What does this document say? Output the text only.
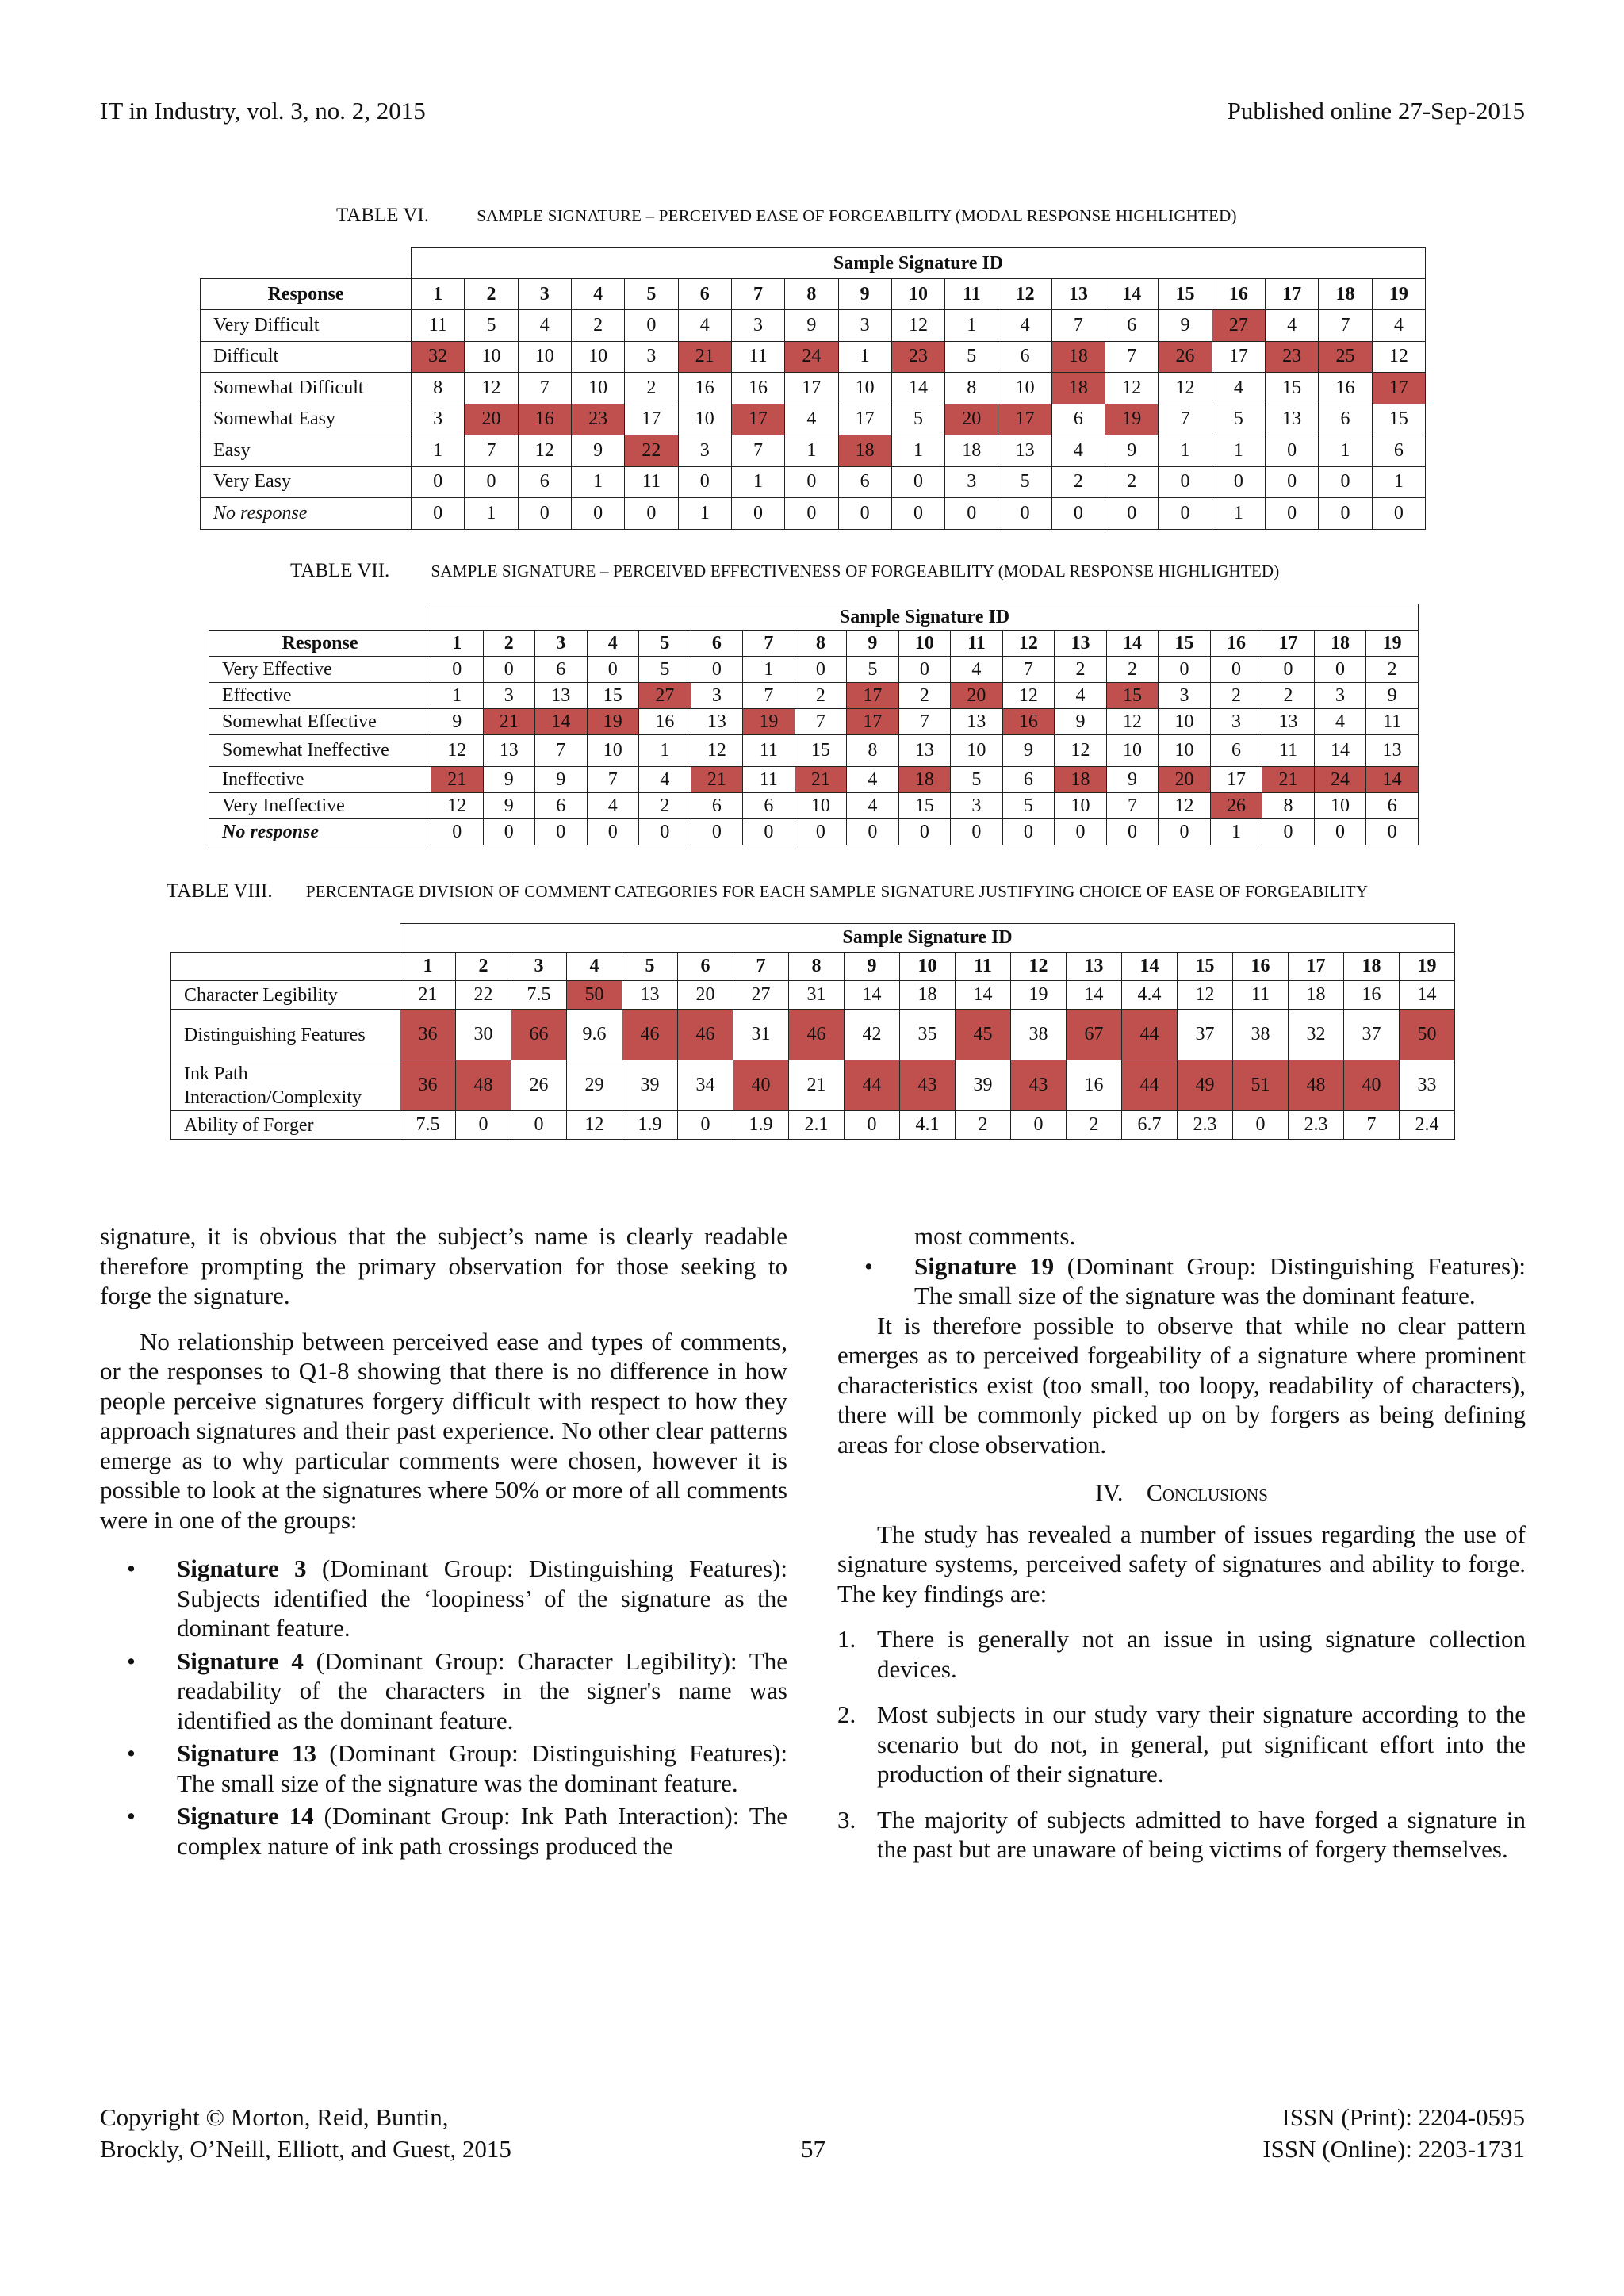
IT in Industry, vol. 3, no. 2, 2015	Published online 27-Sep-2015
TABLE VI.	SAMPLE SIGNATURE – PERCEIVED EASE OF FORGEABILITY (MODAL RESPONSE HIGHLIGHTED)
	Sample Signature ID																		
Response	1	2	3	4	5	6	7	8	9	10	11	12	13	14	15	16	17	18	19
Very Difficult	11	5	4	2	0	4	3	9	3	12	1	4	7	6	9	27	4	7	4
Difficult	32	10	10	10	3	21	11	24	1	23	5	6	18	7	26	17	23	25	12
Somewhat Difficult	8	12	7	10	2	16	16	17	10	14	8	10	18	12	12	4	15	16	17
Somewhat Easy	3	20	16	23	17	10	17	4	17	5	20	17	6	19	7	5	13	6	15
Easy	1	7	12	9	22	3	7	1	18	1	18	13	4	9	1	1	0	1	6
Very Easy	0	0	6	1	11	0	1	0	6	0	3	5	2	2	0	0	0	0	1
No response	0	1	0	0	0	1	0	0	0	0	0	0	0	0	0	1	0	0	0
TABLE VII. SAMPLE SIGNATURE – PERCEIVED EFFECTIVENESS OF FORGEABILITY (MODAL RESPONSE HIGHLIGHTED)
	Sample Signature ID																		
Response	1	2	3	4	5	6	7	8	9	10	11	12	13	14	15	16	17	18	19
Very Effective	0	0	6	0	5	0	1	0	5	0	4	7	2	2	0	0	0	0	2
Effective	1	3	13	15	27	3	7	2	17	2	20	12	4	15	3	2	2	3	9
Somewhat Effective	9	21	14	19	16	13	19	7	17	7	13	16	9	12	10	3	13	4	11
Somewhat Ineffective	12	13	7	10	1	12	11	15	8	13	10	9	12	10	10	6	11	14	13
Ineffective	21	9	9	7	4	21	11	21	4	18	5	6	18	9	20	17	21	24	14
Very Ineffective	12	9	6	4	2	6	6	10	4	15	3	5	10	7	12	26	8	10	6
No response	0	0	0	0	0	0	0	0	0	0	0	0	0	0	0	1	0	0	0
TABLE VIII. PERCENTAGE DIVISION OF COMMENT CATEGORIES FOR EACH SAMPLE SIGNATURE JUSTIFYING CHOICE OF EASE OF FORGEABILITY
	Sample Signature ID																		
	1	2	3	4	5	6	7	8	9	10	11	12	13	14	15	16	17	18	19
Character Legibility	21	22	7.5	50	13	20	27	31	14	18	14	19	14	4.4	12	11	18	16	14
Distinguishing Features	36	30	66	9.6	46	46	31	46	42	35	45	38	67	44	37	38	32	37	50
Ink Path Interaction/Complexity	36	48	26	29	39	34	40	21	44	43	39	43	16	44	49	51	48	40	33
Ability of Forger	7.5	0	0	12	1.9	0	1.9	2.1	0	4.1	2	0	2	6.7	2.3	0	2.3	7	2.4

signature, it is obvious that the subject’s name is clearly readable therefore prompting the primary observation for those seeking to forge the signature.

No relationship between perceived ease and types of comments, or the responses to Q1-8 showing that there is no difference in how people perceive signatures forgery difficult with respect to how they approach signatures and their past experience. No other clear patterns emerge as to why particular comments were chosen, however it is possible to look at the signatures where 50% or more of all comments were in one of the groups:

• Signature 3 (Dominant Group: Distinguishing Features): Subjects identified the ‘loopiness’ of the signature as the dominant feature.
• Signature 4 (Dominant Group: Character Legibility): The readability of the characters in the signer's name was identified as the dominant feature.
• Signature 13 (Dominant Group: Distinguishing Features): The small size of the signature was the dominant feature.
• Signature 14 (Dominant Group: Ink Path Interaction): The complex nature of ink path crossings produced the
most comments.
• Signature 19 (Dominant Group: Distinguishing Features): The small size of the signature was the dominant feature.

It is therefore possible to observe that while no clear pattern emerges as to perceived forgeability of a signature where prominent characteristics exist (too small, too loopy, readability of characters), there will be commonly picked up on by forgers as being defining areas for close observation.

IV. Conclusions

The study has revealed a number of issues regarding the use of signature systems, perceived safety of signatures and ability to forge. The key findings are:

1. There is generally not an issue in using signature collection devices.
2. Most subjects in our study vary their signature according to the scenario but do not, in general, put significant effort into the production of their signature.
3. The majority of subjects admitted to have forged a signature in the past but are unaware of being victims of forgery themselves.
Copyright © Morton, Reid, Buntin,
Brockly, O’Neill, Elliott, and Guest, 2015	57
ISSN (Print): 2204-0595
ISSN (Online): 2203-1731
